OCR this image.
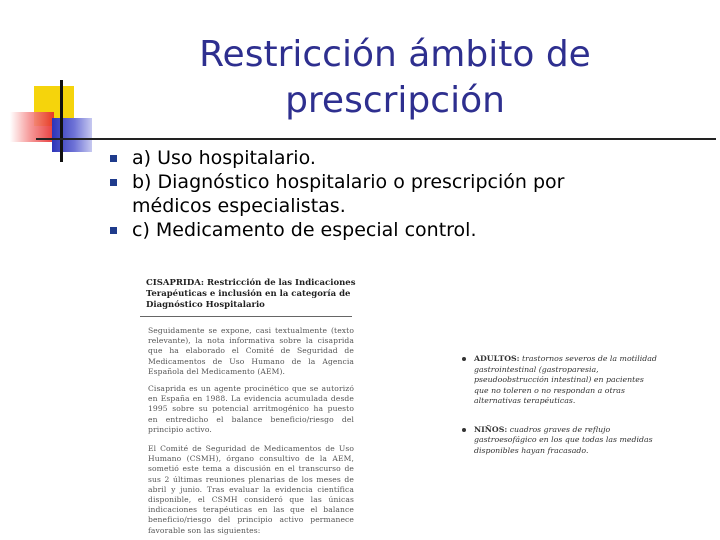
Restricción ámbito de prescripción
a) Uso hospitalario.
b) Diagnóstico hospitalario o prescripción por médicos especialistas.
c) Medicamento de especial control.
CISAPRIDA: Restricción de las Indicaciones Terapéuticas e inclusión en la categoría de Diagnóstico Hospitalario
Seguidamente se expone, casi textualmente (texto relevante), la nota informativa sobre la cisaprida que ha elaborado el Comité de Seguridad de Medicamentos de Uso Humano de la Agencia Española del Medicamento (AEM).
Cisaprida es un agente procinético que se autorizó en España en 1988. La evidencia acumulada desde 1995 sobre su potencial arritmogénico ha puesto en entredicho el balance beneficio/riesgo del principio activo.
El Comité de Seguridad de Medicamentos de Uso Humano (CSMH), órgano consultivo de la AEM, sometió este tema a discusión en el transcurso de sus 2 últimas reuniones plenarias de los meses de abril y junio. Tras evaluar la evidencia científica disponible, el CSMH consideró que las únicas indicaciones terapéuticas en las que el balance beneficio/riesgo del principio activo permanece favorable son las siguientes:
ADULTOS: trastornos severos de la motilidad gastrointestinal (gastroparesia, pseudoobstrucción intestinal) en pacientes que no toleren o no respondan a otras alternativas terapéuticas.
NIÑOS: cuadros graves de reflujo gastroesofágico en los que todas las medidas disponibles hayan fracasado.
